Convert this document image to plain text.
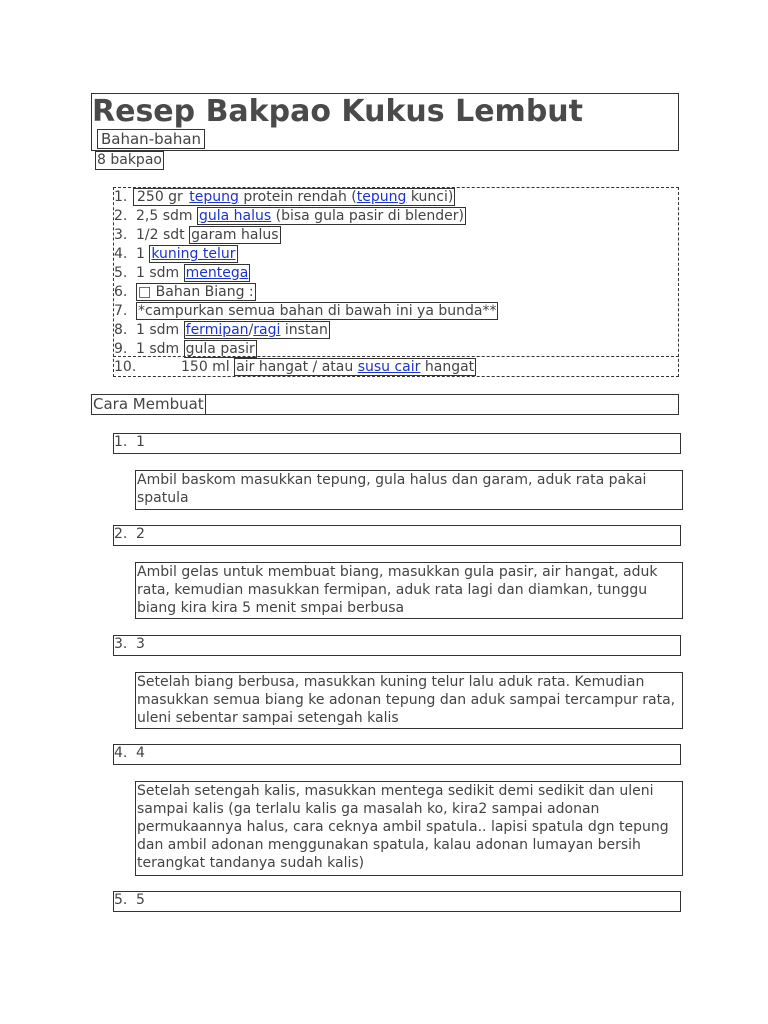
Resep Bakpao Kukus Lembut
Bahan-bahan
8 bakpao
1. 250 gr tepung protein rendah (tepung kunci)
2. 2,5 sdm gula halus (bisa gula pasir di blender)
3. 1/2 sdt garam halus
4. 1 kuning telur
5. 1 sdm mentega
6. □ Bahan Biang :
7. *campurkan semua bahan di bawah ini ya bunda**
8. 1 sdm fermipan/ragi instan
9. 1 sdm gula pasir
10.	150 ml air hangat / atau susu cair hangat
Cara Membuat
1. 1
Ambil baskom masukkan tepung, gula halus dan garam, aduk rata pakai spatula
2. 2
Ambil gelas untuk membuat biang, masukkan gula pasir, air hangat, aduk rata, kemudian masukkan fermipan, aduk rata lagi dan diamkan, tunggu biang kira kira 5 menit smpai berbusa
3. 3
Setelah biang berbusa, masukkan kuning telur lalu aduk rata. Kemudian masukkan semua biang ke adonan tepung dan aduk sampai tercampur rata, uleni sebentar sampai setengah kalis
4. 4
Setelah setengah kalis, masukkan mentega sedikit demi sedikit dan uleni sampai kalis (ga terlalu kalis ga masalah ko, kira2 sampai adonan permukaannya halus, cara ceknya ambil spatula.. lapisi spatula dgn tepung dan ambil adonan menggunakan spatula, kalau adonan lumayan bersih terangkat tandanya sudah kalis)
5. 5
